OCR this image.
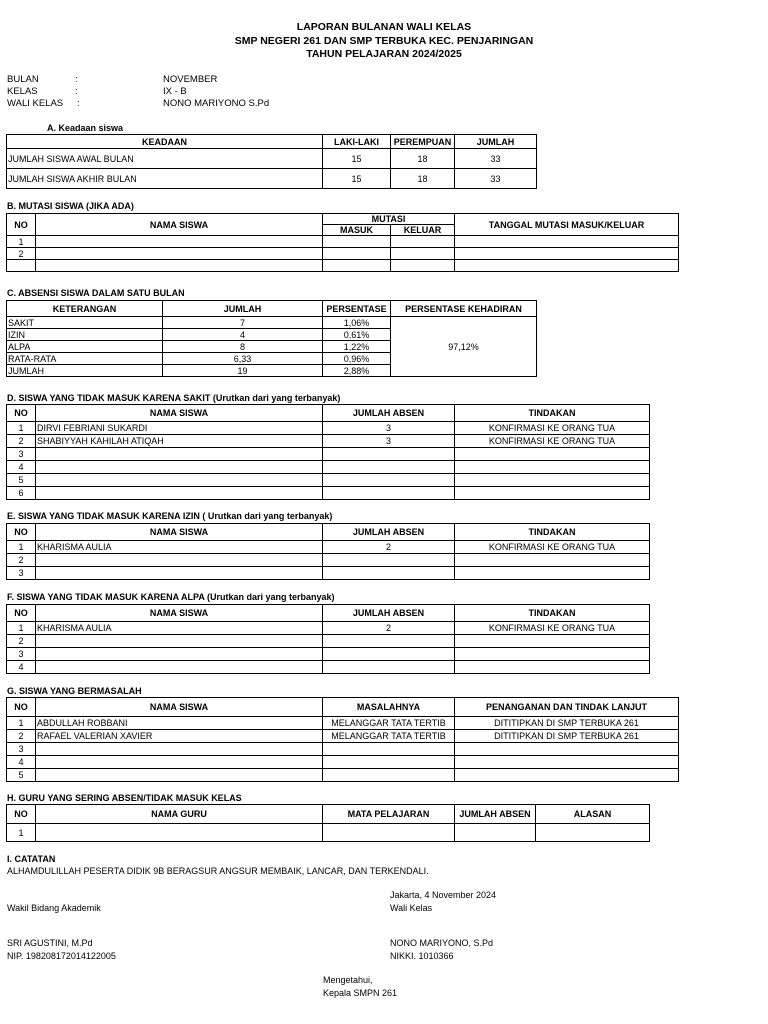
LAPORAN BULANAN WALI KELAS
SMP NEGERI 261 DAN SMP TERBUKA KEC. PENJARINGAN
TAHUN PELAJARAN 2024/2025
BULAN	:	NOVEMBER
KELAS	:	IX - B
WALI KELAS :	NONO MARIYONO S.Pd
A. Keadaan siswa
KEADAAN	LAKI-LAKI	PEREMPUAN	JUMLAH
JUMLAH SISWA AWAL BULAN	15	18	33
JUMLAH SISWA AKHIR BULAN	15	18	33
B. MUTASI SISWA (JIKA ADA)
NO	NAMA SISWA	MUTASI		TANGGAL MUTASI MASUK/KELUAR
		MASUK	KELUAR	
1				
2				

C. ABSENSI SISWA DALAM SATU BULAN
KETERANGAN	JUMLAH	PERSENTASE	PERSENTASE KEHADIRAN
SAKIT	7	1,06%	97,12%
IZIN	4	0,61%	
ALPA	8	1,22%	
RATA-RATA	6,33	0,96%	
JUMLAH	19	2,88%	
D. SISWA YANG TIDAK MASUK KARENA SAKIT (Urutkan dari yang terbanyak)
NO	NAMA SISWA	JUMLAH ABSEN	TINDAKAN
1	DIRVI FEBRIANI SUKARDI	3	KONFIRMASI KE ORANG TUA
2	SHABIYYAH KAHILAH ATIQAH	3	KONFIRMASI KE ORANG TUA
3			
4			
5			
6			
E. SISWA YANG TIDAK MASUK KARENA IZIN ( Urutkan dari yang terbanyak)
NO	NAMA SISWA	JUMLAH ABSEN	TINDAKAN
1	KHARISMA AULIA	2	KONFIRMASI KE ORANG TUA
2			
3			
F. SISWA YANG TIDAK MASUK KARENA ALPA (Urutkan dari yang terbanyak)
NO	NAMA SISWA	JUMLAH ABSEN	TINDAKAN
1	KHARISMA AULIA	2	KONFIRMASI KE ORANG TUA
2			
3			
4			
G. SISWA YANG BERMASALAH
NO	NAMA SISWA	MASALAHNYA	PENANGANAN DAN TINDAK LANJUT
1	ABDULLAH ROBBANI	MELANGGAR TATA TERTIB	DITITIPKAN DI SMP TERBUKA 261
2	RAFAEL VALERIAN XAVIER	MELANGGAR TATA TERTIB	DITITIPKAN DI SMP TERBUKA 261
3			
4			
5			
H. GURU YANG SERING ABSEN/TIDAK MASUK KELAS
NO	NAMA GURU	MATA PELAJARAN	JUMLAH ABSEN	ALASAN
1				
I. CATATAN
ALHAMDULILLAH PESERTA DIDIK 9B BERAGSUR ANGSUR MEMBAIK, LANCAR, DAN TERKENDALI.
Jakarta, 4 November 2024
Wakil Bidang Akademik	Wali Kelas
SRI AGUSTINI, M.Pd
NIP. 198208172014122005
NONO MARIYONO, S.Pd
NIKKI. 1010366
Mengetahui,
Kepala SMPN 261
